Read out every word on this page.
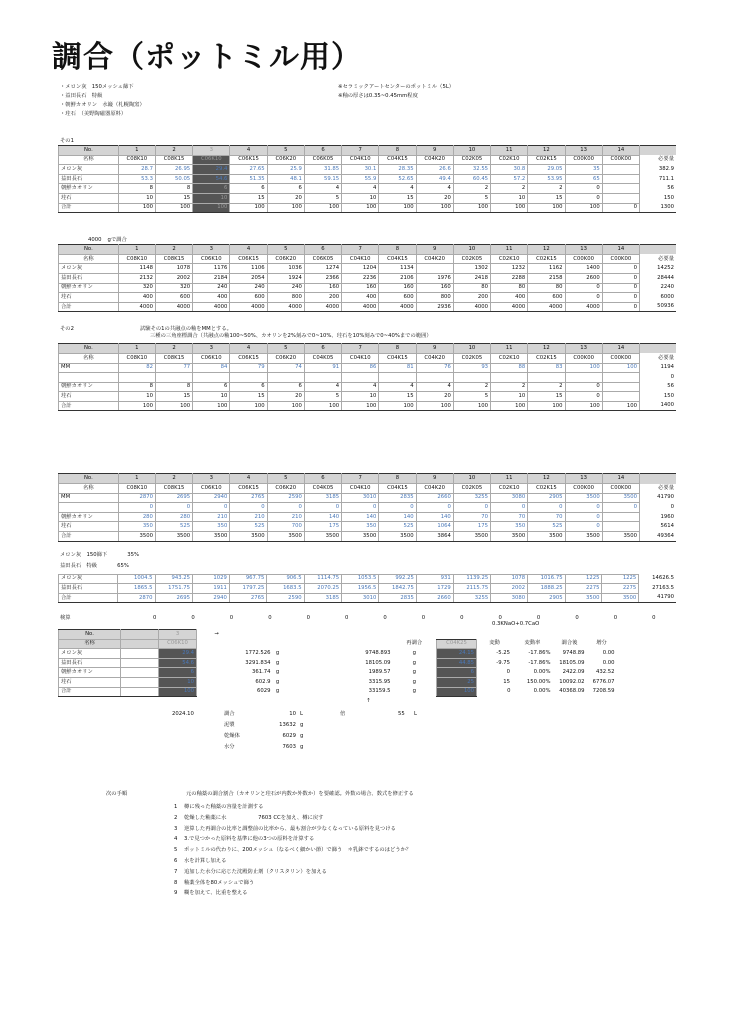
調合（ポットミル用）
・メロン灰　150メッシュ篩下
・益田長石　特級
・朝鮮カオリン　水簸（札幌陶窯）
・珪石　（美野陶磁器原料）
※セラミックアートセンターのポットミル（5L）
※釉の厚さは0.35~0.45mm程度
その1
No.	1	2	3	4	5	6	7	8	9	10	11	12	13	14	
名称	C08K10	C08K15	C06K10	C06K15	C06K20	C06K05	C04K10	C04K15	C04K20	C02K05	C02K10	C02K15	C00K00	C00K00	必要量
メロン灰	28.7	26.95	29.4	27.65	25.9	31.85	30.1	28.35	26.6	32.55	30.8	29.05	35		382.9
益田長石	53.3	50.05	54.6	51.35	48.1	59.15	55.9	52.65	49.4	60.45	57.2	53.95	65		711.1
朝鮮カオリン	8	8	6	6	6	4	4	4	4	2	2	2	0		56
珪石	10	15	10	15	20	5	10	15	20	5	10	15	0		150
合計	100	100	100	100	100	100	100	100	100	100	100	100	100	0	1300
4000 gで調合
No.	1	2	3	4	5	6	7	8	9	10	11	12	13	14	
名称	C08K10	C08K15	C06K10	C06K15	C06K20	C06K05	C04K10	C04K15	C04K20	C02K05	C02K10	C02K15	C00K00	C00K00	必要量
メロン灰	1148	1078	1176	1106	1036	1274	1204	1134		1302	1232	1162	1400	0	14252
益田長石	2132	2002	2184	2054	1924	2366	2236	2106	1976	2418	2288	2158	2600	0	28444
朝鮮カオリン	320	320	240	240	240	160	160	160	160	80	80	80	0	0	2240
珪石	400	600	400	600	800	200	400	600	800	200	400	600	0	0	6000
合計	4000	4000	4000	4000	4000	4000	4000	4000	2936	4000	4000	4000	4000	0	50936
その2	試験その1の共融点の釉をMMとする。
三種の三角座標調合（共融点の釉100~50%、カオリンを2%刻みで0~10%、珪石を10%刻みで0~40%までの範囲）
No.	1	2	3	4	5	6	7	8	9	10	11	12	13	14	
名称	C08K10	C08K15	C06K10	C06K15	C06K20	C04K05	C04K10	C04K15	C04K20	C02K05	C02K10	C02K15	C00K00	C00K00	必要量
MM	82	77	84	79	74	91	86	81	76	93	88	83	100	100	1194
															0
朝鮮カオリン	8	8	6	6	6	4	4	4	4	2	2	2	0		56
珪石	10	15	10	15	20	5	10	15	20	5	10	15	0		150
合計	100	100	100	100	100	100	100	100	100	100	100	100	100	100	1400
No.	1	2	3	4	5	6	7	8	9	10	11	12	13	14	
名称	C08K10	C08K15	C06K10	C06K15	C06K20	C04K05	C04K10	C04K15	C04K20	C02K05	C02K10	C02K15	C00K00	C00K00	必要量
MM	2870	2695	2940	2765	2590	3185	3010	2835	2660	3255	3080	2905	3500	3500	41790
	0	0	0	0	0	0	0	0	0	0	0	0	0	0	0
朝鮮カオリン	280	280	210	210	210	140	140	140	140	70	70	70	0		1960
珪石	350	525	350	525	700	175	350	525	1064	175	350	525	0		5614
合計	3500	3500	3500	3500	3500	3500	3500	3500	3864	3500	3500	3500	3500	3500	49364
メロン灰　150篩下	35%
益田長石　特級	65%
メロン灰	1004.5	943.25	1029	967.75	906.5	1114.75	1053.5	992.25	931	1139.25	1078	1016.75	1225	1225	14626.5
益田長石	1865.5	1751.75	1911	1797.25	1683.5	2070.25	1956.5	1842.75	1729	2115.75	2002	1888.25	2275	2275	27163.5
合計	2870	2695	2940	2765	2590	3185	3010	2835	2660	3255	3080	2905	3500	3500	41790
検算	0	0	0	0	0	0	0	0	0	0	0	0	0	0
0.3KNaO+0.7CaO
No.		3	→										
名称		C06K10						再調合	C04K25	変動	変動率	調合後	増分
メロン灰		29.4		1772.526	g		9748.893	g	24.15	-5.25	-17.86%	9748.89	0.00
益田長石		54.6		3291.834	g		18105.09	g	44.85	-9.75	-17.86%	18105.09	0.00
朝鮮カオリン		6		361.74	g		1989.57	g	6	0	0.00%	2422.09	432.52
珪石		10		602.9	g		3315.95	g	25	15	150.00%	10092.02	6776.07
合計		100		6029	g		33159.5	g	100	0	0.00%	40368.09	7208.59
							↑						
2024.10	調合	10 L	倍	55 L
泥漿	13632 g
乾燥体	6029 g
水分	7603 g
次の手順	元の釉薬の調合割合（カオリンと珪石が内数か外数か）を要確認。外数の場合、数式を修正する
1 樽に残った釉薬の容量を計測する
2 乾燥した釉薬に水　　　　　　7603 CCを加え、樽に戻す
3 逆算した再調合の比率と調整前の比率から、最も割合が少なくなっている原料を見つける
4 3.で見つかった原料を基準に他の3つの原料を計算する
5 ポットミルの代わりに、200メッシュ（なるべく細かい節）で篩う　＊乳鉢でするのはどうか？
6 水を計算し加える
7 追加した水分に応じた沈殿防止剤（クリスタリン）を加える
8 釉薬全体を80メッシュで篩う
9 糊を加えて、比重を整える
